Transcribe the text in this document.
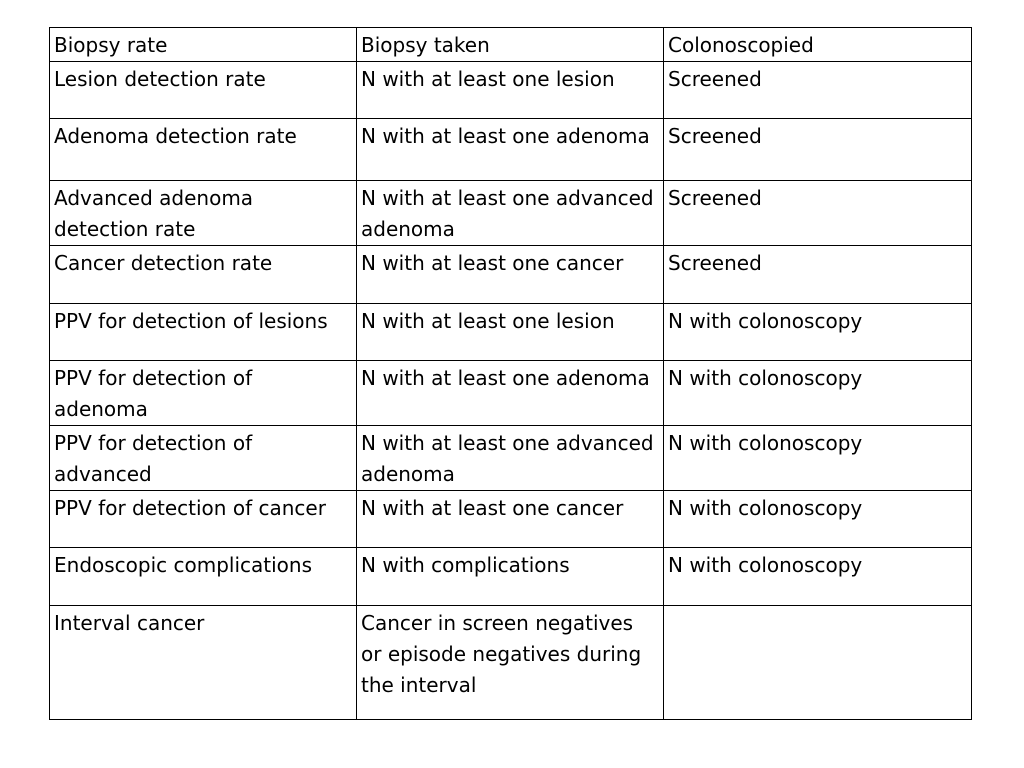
Biopsy rate	Biopsy taken	Colonoscopied
Lesion detection rate	N with at least one lesion	Screened
Adenoma detection rate	N with at least one adenoma	Screened
Advanced adenoma detection rate	N with at least one advanced adenoma	Screened
Cancer detection rate	N with at least one cancer	Screened
PPV for detection of lesions	N with at least one lesion	N with colonoscopy
PPV for detection of adenoma	N with at least one adenoma	N with colonoscopy
PPV for detection of advanced	N with at least one advanced adenoma	N with colonoscopy
PPV for detection of cancer	N with at least one cancer	N with colonoscopy
Endoscopic complications	N with complications	N with colonoscopy
Interval cancer	Cancer in screen negatives or episode negatives during the interval	
